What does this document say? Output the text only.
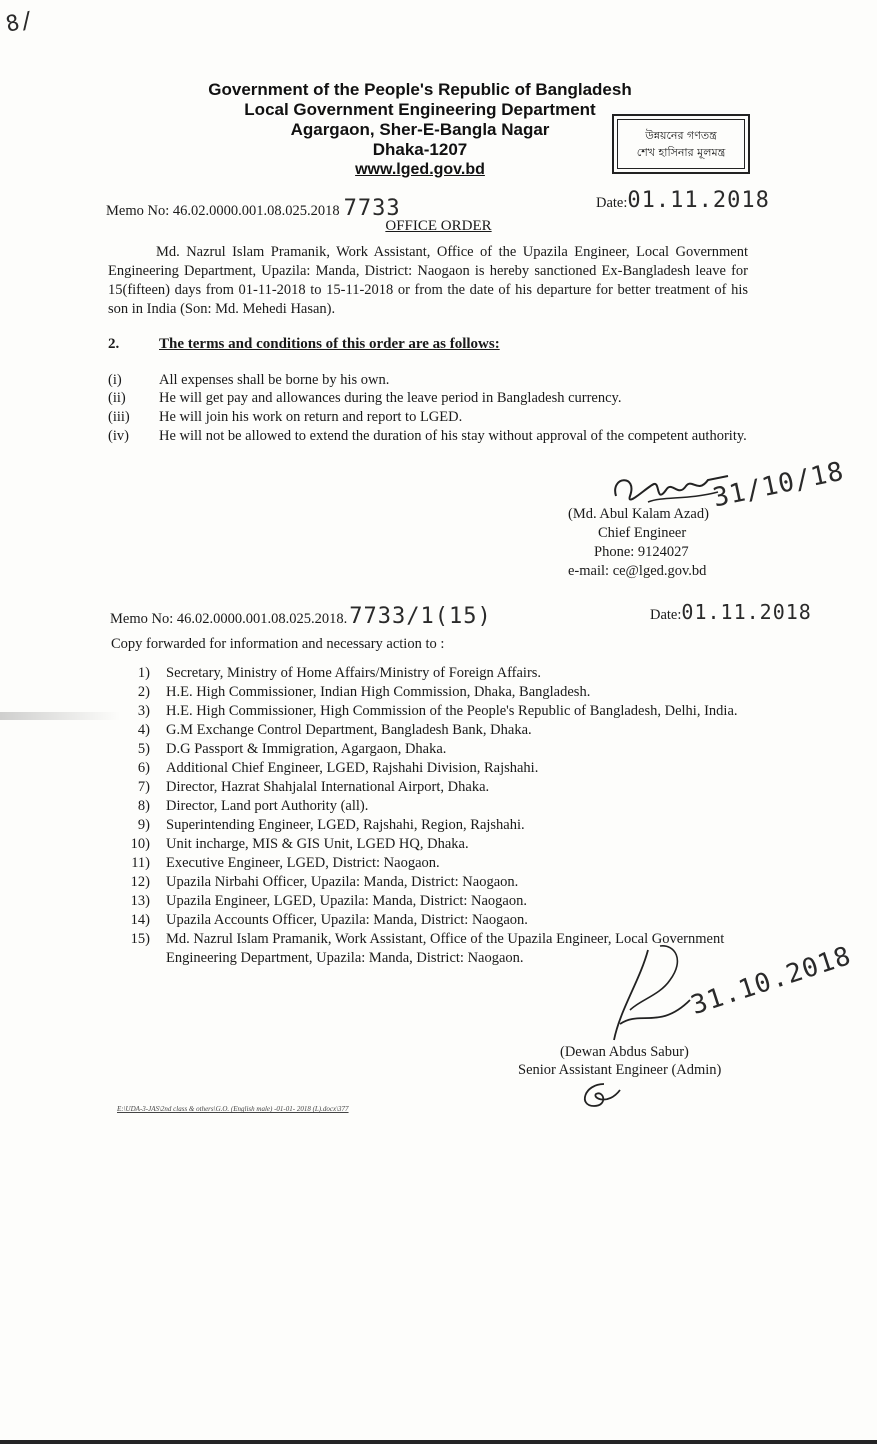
8/
Government of the People's Republic of Bangladesh
Local Government Engineering Department
Agargaon, Sher-E-Bangla Nagar
Dhaka-1207
www.lged.gov.bd
উন্নয়নের গণতন্ত্র
শেখ হাসিনার মূলমন্ত্র
Memo No: 46.02.0000.001.08.025.2018 7733	Date:01.11.2018
OFFICE ORDER
Md. Nazrul Islam Pramanik, Work Assistant, Office of the Upazila Engineer, Local Government Engineering Department, Upazila: Manda, District: Naogaon is hereby sanctioned Ex-Bangladesh leave for 15(fifteen) days from 01-11-2018 to 15-11-2018 or from the date of his departure for better treatment of his son in India (Son: Md. Mehedi Hasan).
2.	The terms and conditions of this order are as follows:
(i)	All expenses shall be borne by his own.
(ii) He will get pay and allowances during the leave period in Bangladesh currency.
(iii) He will join his work on return and report to LGED.
(iv) He will not be allowed to extend the duration of his stay without approval of the competent authority.
31/10/18
(Md. Abul Kalam Azad)
Chief Engineer
Phone: 9124027
e-mail: ce@lged.gov.bd
Memo No: 46.02.0000.001.08.025.2018.7733/1(15)	Date:01.11.2018
Copy forwarded for information and necessary action to :
1) Secretary, Ministry of Home Affairs/Ministry of Foreign Affairs.
2) H.E. High Commissioner, Indian High Commission, Dhaka, Bangladesh.
3) H.E. High Commissioner, High Commission of the People's Republic of Bangladesh, Delhi, India.
4) G.M Exchange Control Department, Bangladesh Bank, Dhaka.
5) D.G Passport & Immigration, Agargaon, Dhaka.
6) Additional Chief Engineer, LGED, Rajshahi Division, Rajshahi.
7) Director, Hazrat Shahjalal International Airport, Dhaka.
8) Director, Land port Authority (all).
9) Superintending Engineer, LGED, Rajshahi, Region, Rajshahi.
10) Unit incharge, MIS & GIS Unit, LGED HQ, Dhaka.
11) Executive Engineer, LGED, District: Naogaon.
12) Upazila Nirbahi Officer, Upazila: Manda, District: Naogaon.
13) Upazila Engineer, LGED, Upazila: Manda, District: Naogaon.
14) Upazila Accounts Officer, Upazila: Manda, District: Naogaon.
15) Md. Nazrul Islam Pramanik, Work Assistant, Office of the Upazila Engineer, Local Government Engineering Department, Upazila: Manda, District: Naogaon.	31.10.2018
(Dewan Abdus Sabur)
Senior Assistant Engineer (Admin)
E:\UDA-3-JAS\2nd class & others\G.O. (English male) -01-01- 2018 (L).docx\377
